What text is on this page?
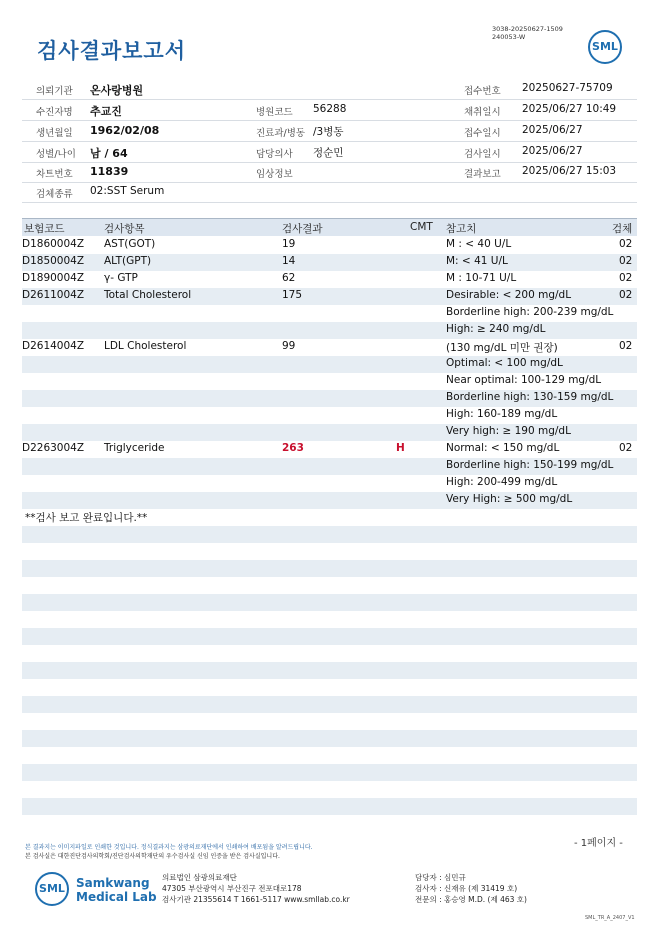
검사결과보고서
3038-20250627-1509
240053-W
SML
의뢰기관 온사랑병원	접수번호 20250627-75709
수진자명 추교진	병원코드 56288	채취일시 2025/06/27 10:49
생년월일 1962/02/08	진료과/병동 /3병동	접수일시 2025/06/27
성별/나이 남 / 64	담당의사 정순민	검사일시 2025/06/27
차트번호 11839	임상정보	결과보고 2025/06/27 15:03
검체종류 02:SST Serum
보험코드	검사항목	검사결과	CMT 참고치	검체
D1860004Z AST(GOT)	19	M : < 40 U/L	02
D1850004Z ALT(GPT)	14	M: < 41 U/L	02
D1890004Z γ- GTP	62	M : 10-71 U/L	02
D2611004Z Total Cholesterol	175	Desirable: < 200 mg/dL	02
Borderline high: 200-239 mg/dL
High: ≥ 240 mg/dL
D2614004Z LDL Cholesterol	99	(130 mg/dL 미만 권장)	02
Optimal: < 100 mg/dL
Near optimal: 100-129 mg/dL
Borderline high: 130-159 mg/dL
High: 160-189 mg/dL
Very high: ≥ 190 mg/dL
D2263004Z Triglyceride	263	H	Normal: < 150 mg/dL	02
Borderline high: 150-199 mg/dL
High: 200-499 mg/dL
Very High: ≥ 500 mg/dL
**검사 보고 완료입니다.**
본 결과지는 이미지파일로 인쇄한 것입니다. 정식결과지는 삼광의료재단에서 인쇄하여 배포됨을 알려드립니다.
본 검사실은 대한진단검사의학회/진단검사의학재단의 우수검사실 신임 인증을 받은 검사실입니다.
- 1페이지 -
SML Samkwang
Medical Lab
의료법인 삼광의료재단
47305 부산광역시 부산진구 전포대로178
검사기관 21355614 T 1661-5117 www.smllab.co.kr
담당자 : 심민규
검사자 : 신재유 (제 31419 호)
전문의 : 홍승영 M.D. (제 463 호)
SML_TR_A_2407_V1
